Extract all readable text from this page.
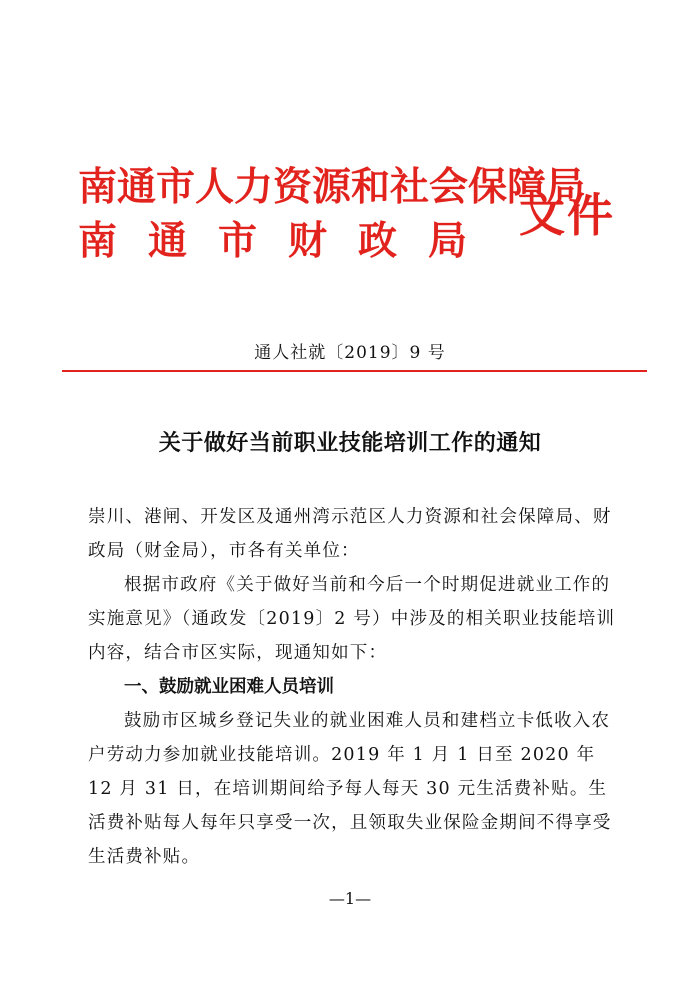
南通市人力资源和社会保障局
南通市财政局 文件
通人社就〔2019〕9 号
关于做好当前职业技能培训工作的通知
崇川、港闸、开发区及通州湾示范区人力资源和社会保障局、财政局（财金局），市各有关单位：
根据市政府《关于做好当前和今后一个时期促进就业工作的实施意见》（通政发〔2019〕2 号）中涉及的相关职业技能培训内容，结合市区实际，现通知如下：
一、鼓励就业困难人员培训
鼓励市区城乡登记失业的就业困难人员和建档立卡低收入农户劳动力参加就业技能培训。2019 年 1 月 1 日至 2020 年 12 月 31 日，在培训期间给予每人每天 30 元生活费补贴。生活费补贴每人每年只享受一次，且领取失业保险金期间不得享受生活费补贴。
—1—
